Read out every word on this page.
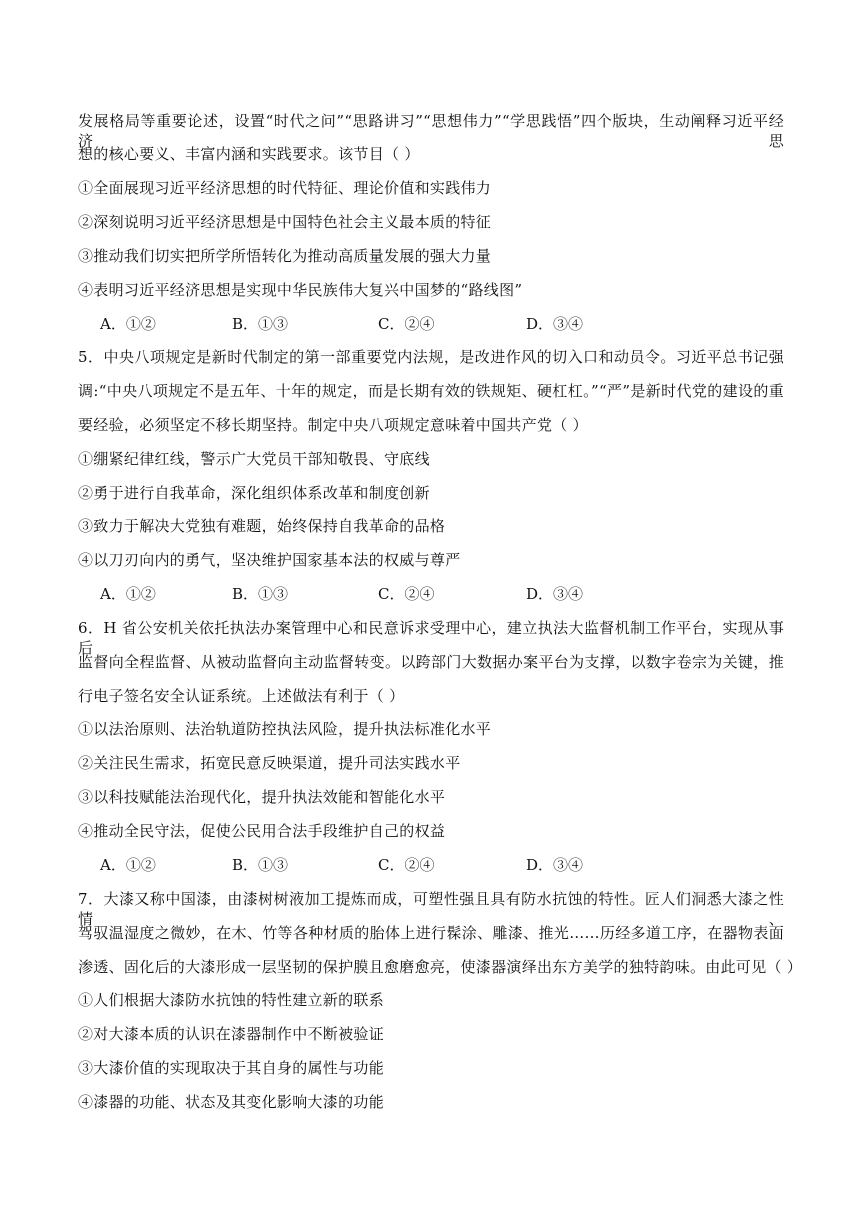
发展格局等重要论述，设置“时代之问”“思路讲习”“思想伟力”“学思践悟”四个版块，生动阐释习近平经济思
想的核心要义、丰富内涵和实践要求。该节目（ ）
①全面展现习近平经济思想的时代特征、理论价值和实践伟力
②深刻说明习近平经济思想是中国特色社会主义最本质的特征
③推动我们切实把所学所悟转化为推动高质量发展的强大力量
④表明习近平经济思想是实现中华民族伟大复兴中国梦的“路线图”
A．①②	B．①③	C．②④	D．③④
5．中央八项规定是新时代制定的第一部重要党内法规，是改进作风的切入口和动员令。习近平总书记强
调:“中央八项规定不是五年、十年的规定，而是长期有效的铁规矩、硬杠杠。”“严”是新时代党的建设的重
要经验，必须坚定不移长期坚持。制定中央八项规定意味着中国共产党（ ）
①绷紧纪律红线，警示广大党员干部知敬畏、守底线
②勇于进行自我革命，深化组织体系改革和制度创新
③致力于解决大党独有难题，始终保持自我革命的品格
④以刀刃向内的勇气，坚决维护国家基本法的权威与尊严
A．①②	B．①③	C．②④	D．③④
6．H 省公安机关依托执法办案管理中心和民意诉求受理中心，建立执法大监督机制工作平台，实现从事后
监督向全程监督、从被动监督向主动监督转变。以跨部门大数据办案平台为支撑，以数字卷宗为关键，推
行电子签名安全认证系统。上述做法有利于（ ）
①以法治原则、法治轨道防控执法风险，提升执法标准化水平
②关注民生需求，拓宽民意反映渠道，提升司法实践水平
③以科技赋能法治现代化，提升执法效能和智能化水平
④推动全民守法，促使公民用合法手段维护自己的权益
A．①②	B．①③	C．②④	D．③④
7．大漆又称中国漆，由漆树树液加工提炼而成，可塑性强且具有防水抗蚀的特性。匠人们洞悉大漆之性情、
驾驭温湿度之微妙，在木、竹等各种材质的胎体上进行髹涂、雕漆、推光……历经多道工序，在器物表面
渗透、固化后的大漆形成一层坚韧的保护膜且愈磨愈亮，使漆器演绎出东方美学的独特韵味。由此可见（ ）
①人们根据大漆防水抗蚀的特性建立新的联系
②对大漆本质的认识在漆器制作中不断被验证
③大漆价值的实现取决于其自身的属性与功能
④漆器的功能、状态及其变化影响大漆的功能
